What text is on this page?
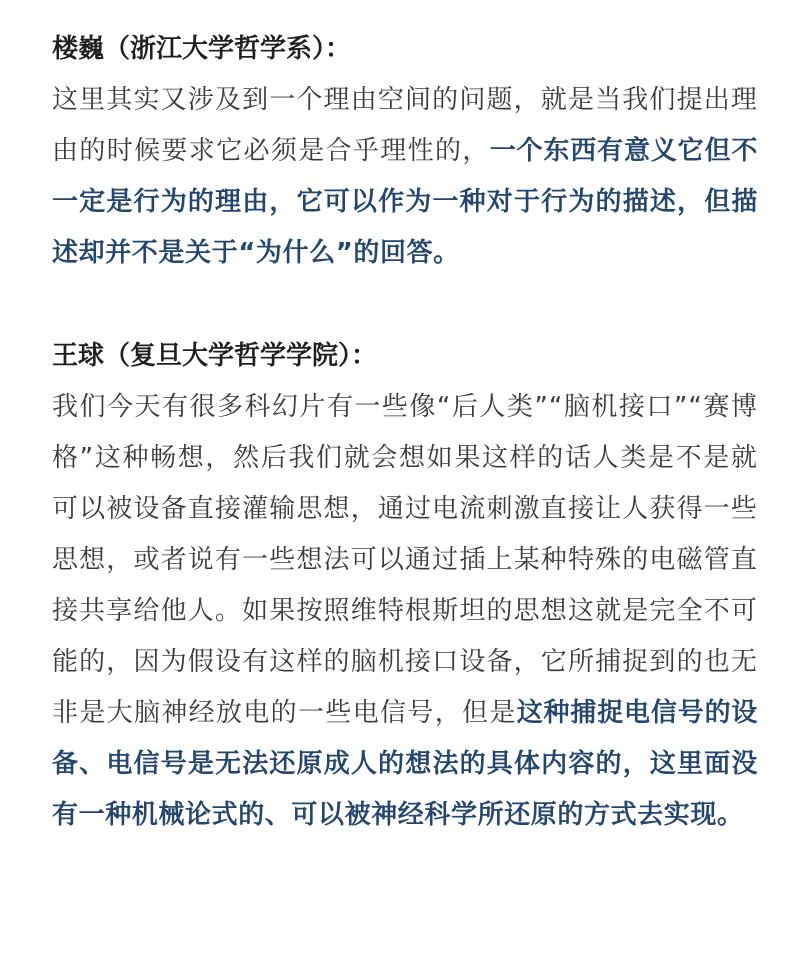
楼巍（浙江大学哲学系）：

这里其实又涉及到一个理由空间的问题，就是当我们提出理由的时候要求它必须是合乎理性的，一个东西有意义它但不一定是行为的理由，它可以作为一种对于行为的描述，但描述却并不是关于“为什么”的回答。

王球（复旦大学哲学学院）：

我们今天有很多科幻片有一些像“后人类”“脑机接口”“赛博格”这种畅想，然后我们就会想如果这样的话人类是不是就可以被设备直接灌输思想，通过电流刺激直接让人获得一些思想，或者说有一些想法可以通过插上某种特殊的电磁管直接共享给他人。如果按照维特根斯坦的思想这就是完全不可能的，因为假设有这样的脑机接口设备，它所捕捉到的也无非是大脑神经放电的一些电信号，但是这种捕捉电信号的设备、电信号是无法还原成人的想法的具体内容的，这里面没有一种机械论式的、可以被神经科学所还原的方式去实现。
